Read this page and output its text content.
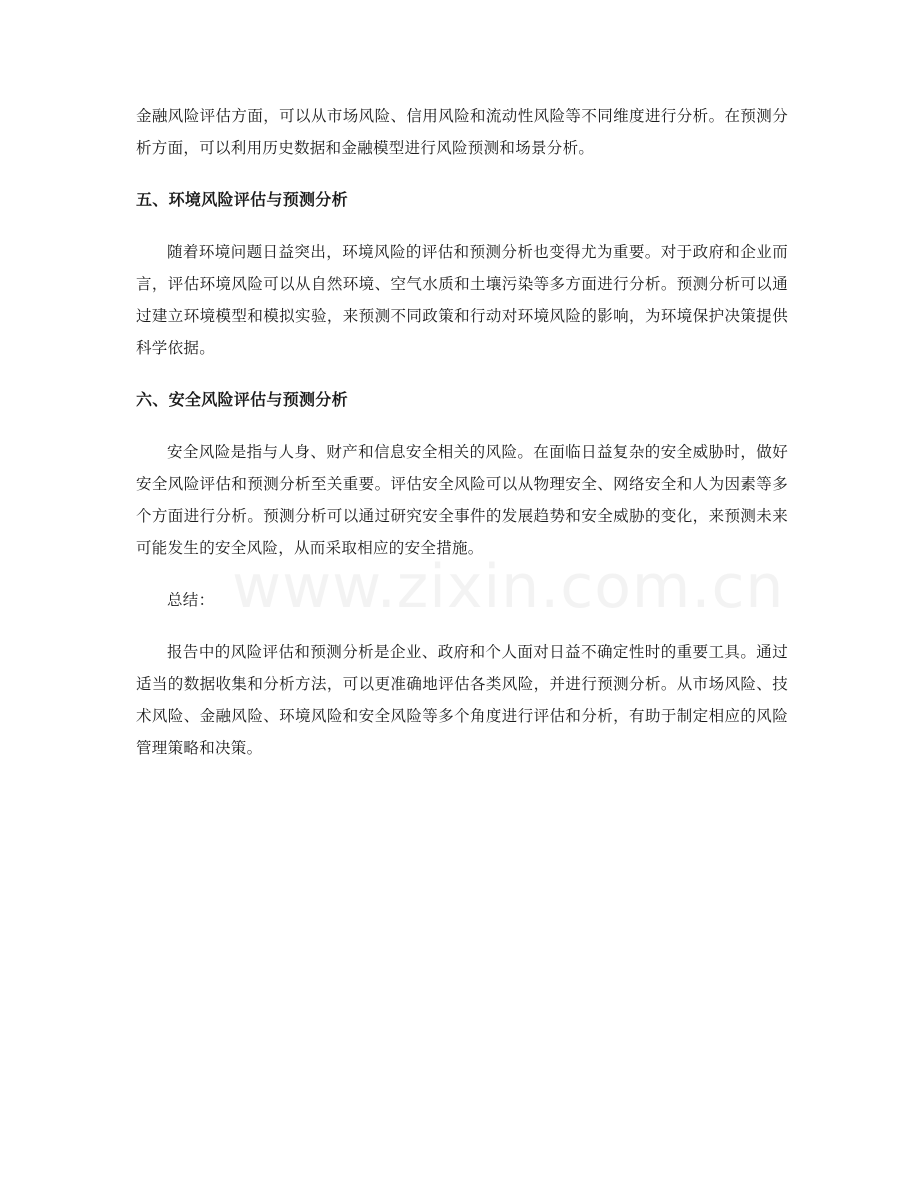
金融风险评估方面，可以从市场风险、信用风险和流动性风险等不同维度进行分析。在预测分析方面，可以利用历史数据和金融模型进行风险预测和场景分析。

五、环境风险评估与预测分析

随着环境问题日益突出，环境风险的评估和预测分析也变得尤为重要。对于政府和企业而言，评估环境风险可以从自然环境、空气水质和土壤污染等多方面进行分析。预测分析可以通过建立环境模型和模拟实验，来预测不同政策和行动对环境风险的影响，为环境保护决策提供科学依据。

六、安全风险评估与预测分析

安全风险是指与人身、财产和信息安全相关的风险。在面临日益复杂的安全威胁时，做好安全风险评估和预测分析至关重要。评估安全风险可以从物理安全、网络安全和人为因素等多个方面进行分析。预测分析可以通过研究安全事件的发展趋势和安全威胁的变化，来预测未来可能发生的安全风险，从而采取相应的安全措施。

总结：

报告中的风险评估和预测分析是企业、政府和个人面对日益不确定性时的重要工具。通过适当的数据收集和分析方法，可以更准确地评估各类风险，并进行预测分析。从市场风险、技术风险、金融风险、环境风险和安全风险等多个角度进行评估和分析，有助于制定相应的风险管理策略和决策。

www.zixin.com.cn
